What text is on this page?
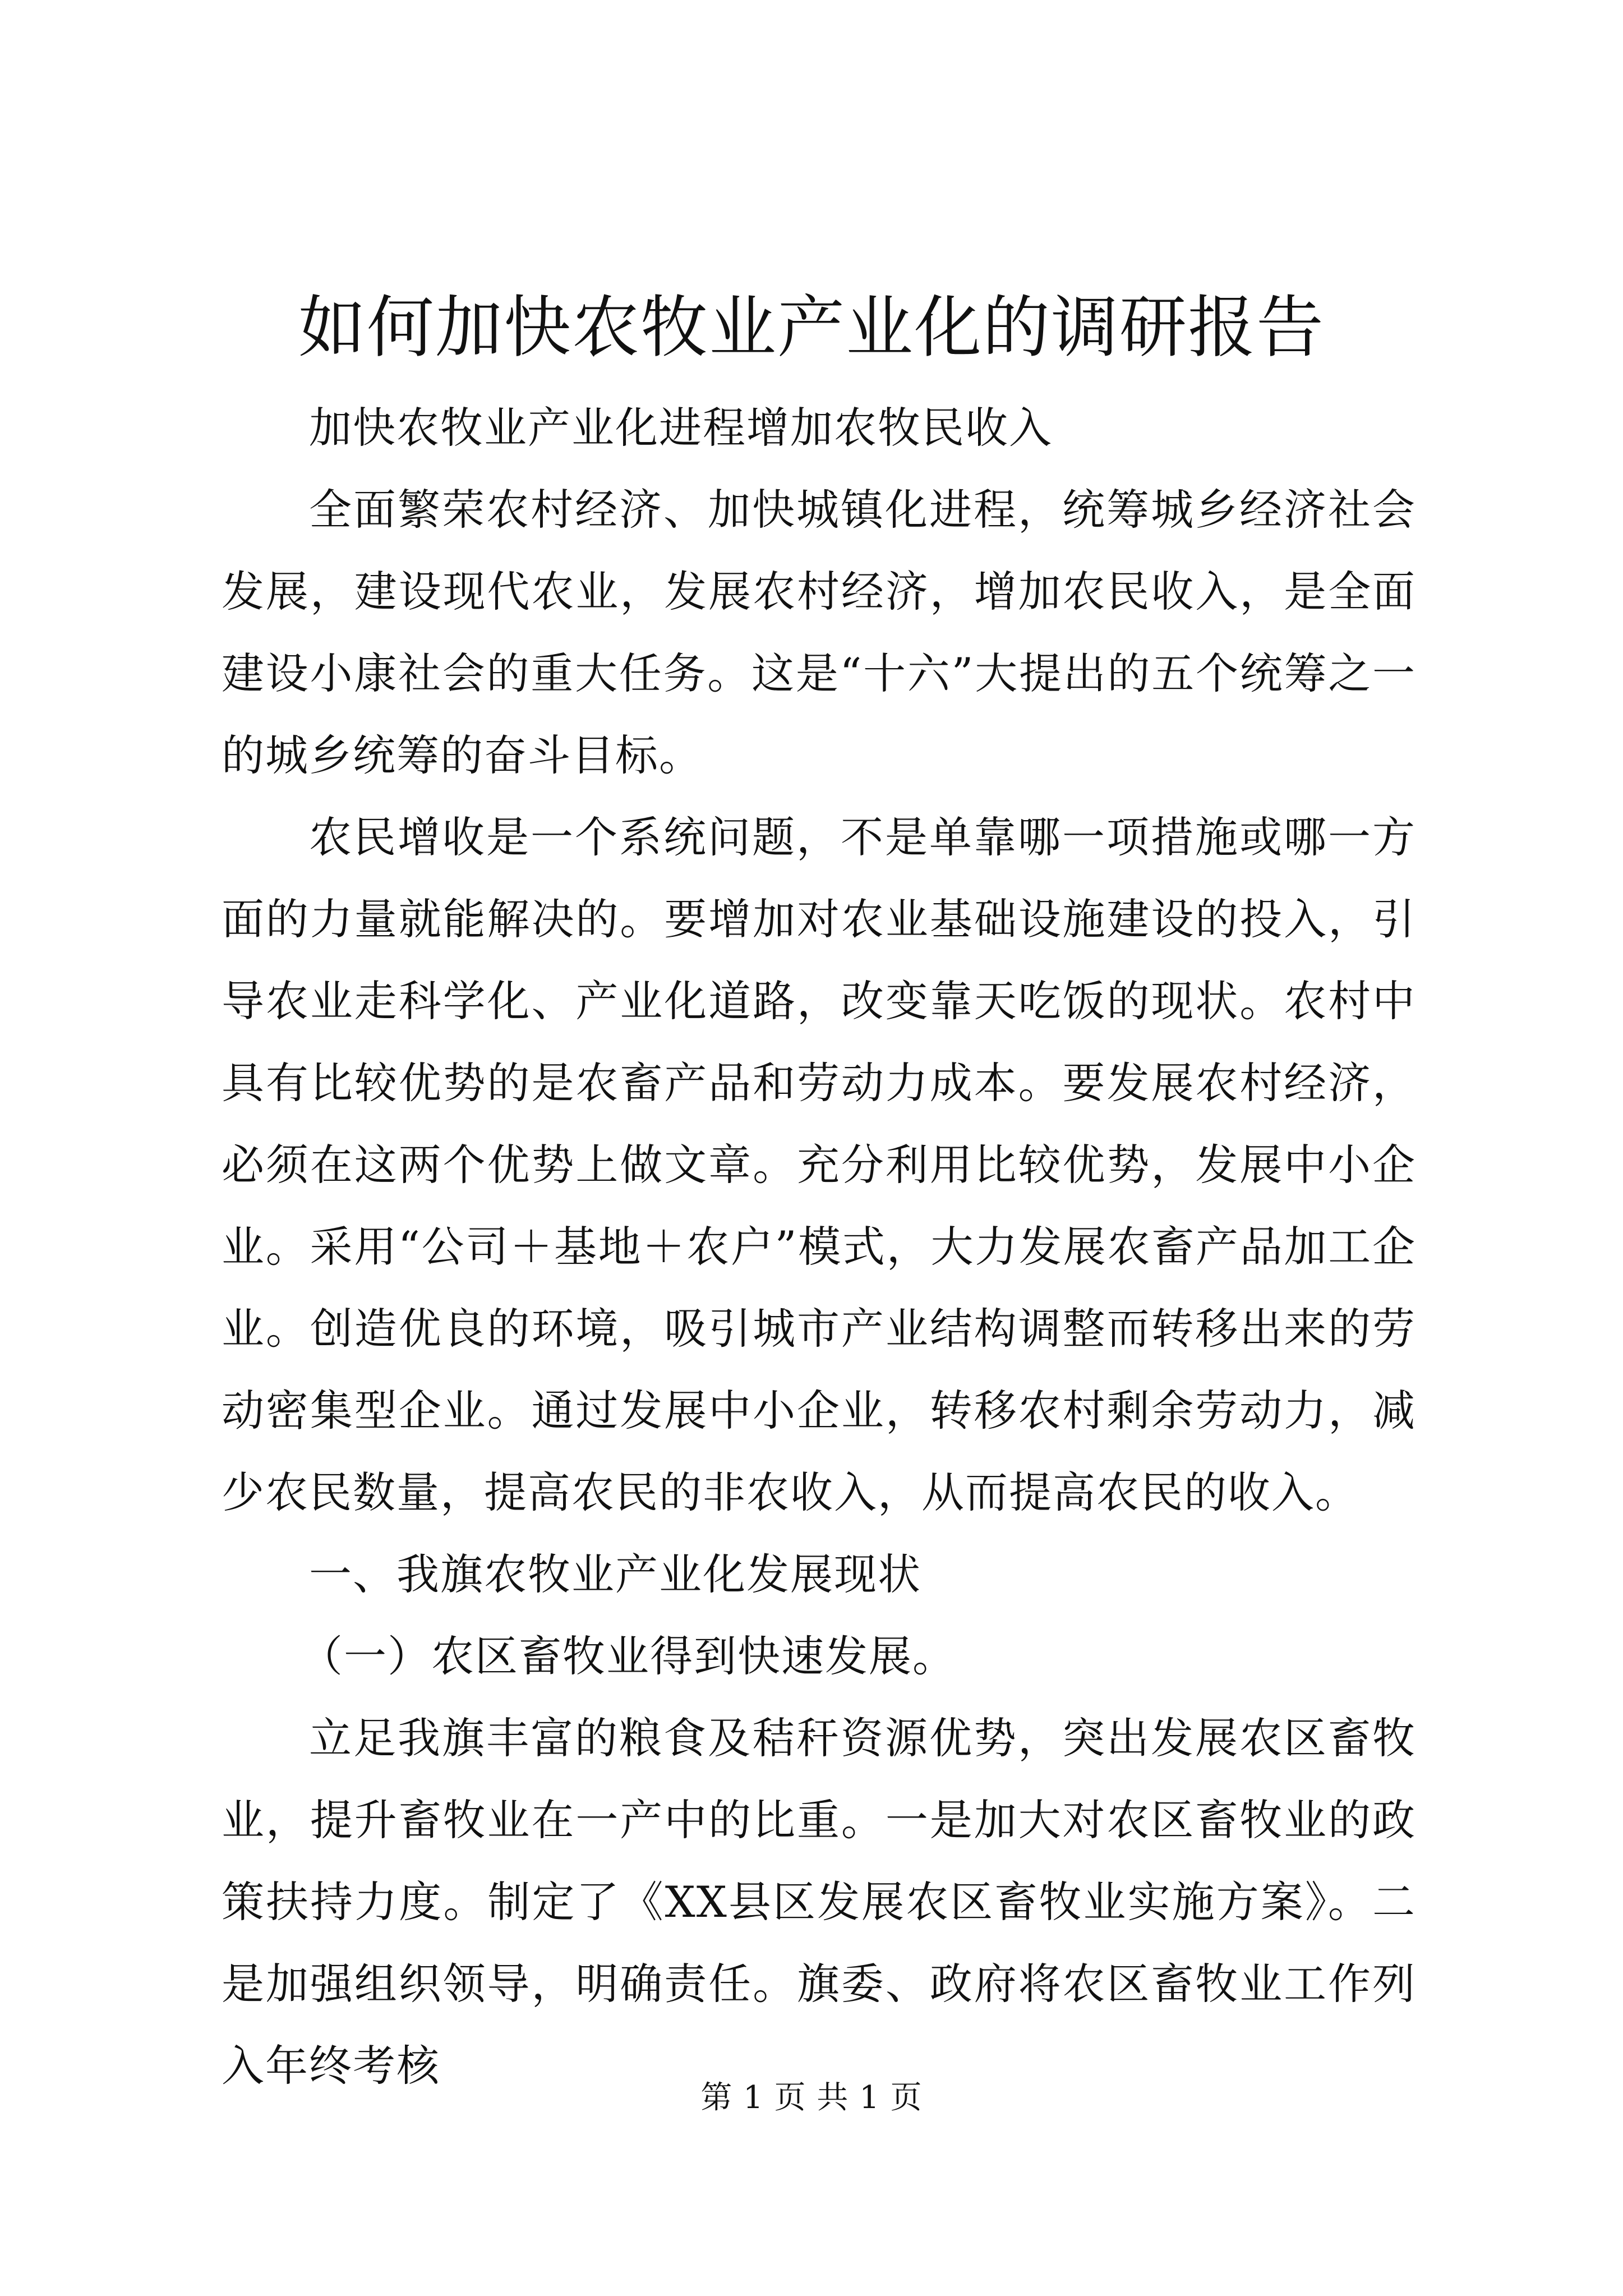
如何加快农牧业产业化的调研报告

加快农牧业产业化进程增加农牧民收入

全面繁荣农村经济、加快城镇化进程，统筹城乡经济社会发展，建设现代农业，发展农村经济，增加农民收入，是全面建设小康社会的重大任务。这是“十六”大提出的五个统筹之一的城乡统筹的奋斗目标。

农民增收是一个系统问题，不是单靠哪一项措施或哪一方面的力量就能解决的。要增加对农业基础设施建设的投入，引导农业走科学化、产业化道路，改变靠天吃饭的现状。农村中具有比较优势的是农畜产品和劳动力成本。要发展农村经济，必须在这两个优势上做文章。充分利用比较优势，发展中小企业。采用“公司＋基地＋农户”模式，大力发展农畜产品加工企业。创造优良的环境，吸引城市产业结构调整而转移出来的劳动密集型企业。通过发展中小企业，转移农村剩余劳动力，减少农民数量，提高农民的非农收入，从而提高农民的收入。

一、我旗农牧业产业化发展现状

（一）农区畜牧业得到快速发展。

立足我旗丰富的粮食及秸秆资源优势，突出发展农区畜牧业，提升畜牧业在一产中的比重。一是加大对农区畜牧业的政策扶持力度。制定了《XX县区发展农区畜牧业实施方案》。二是加强组织领导，明确责任。旗委、政府将农区畜牧业工作列入年终考核

第 1 页 共 1 页
